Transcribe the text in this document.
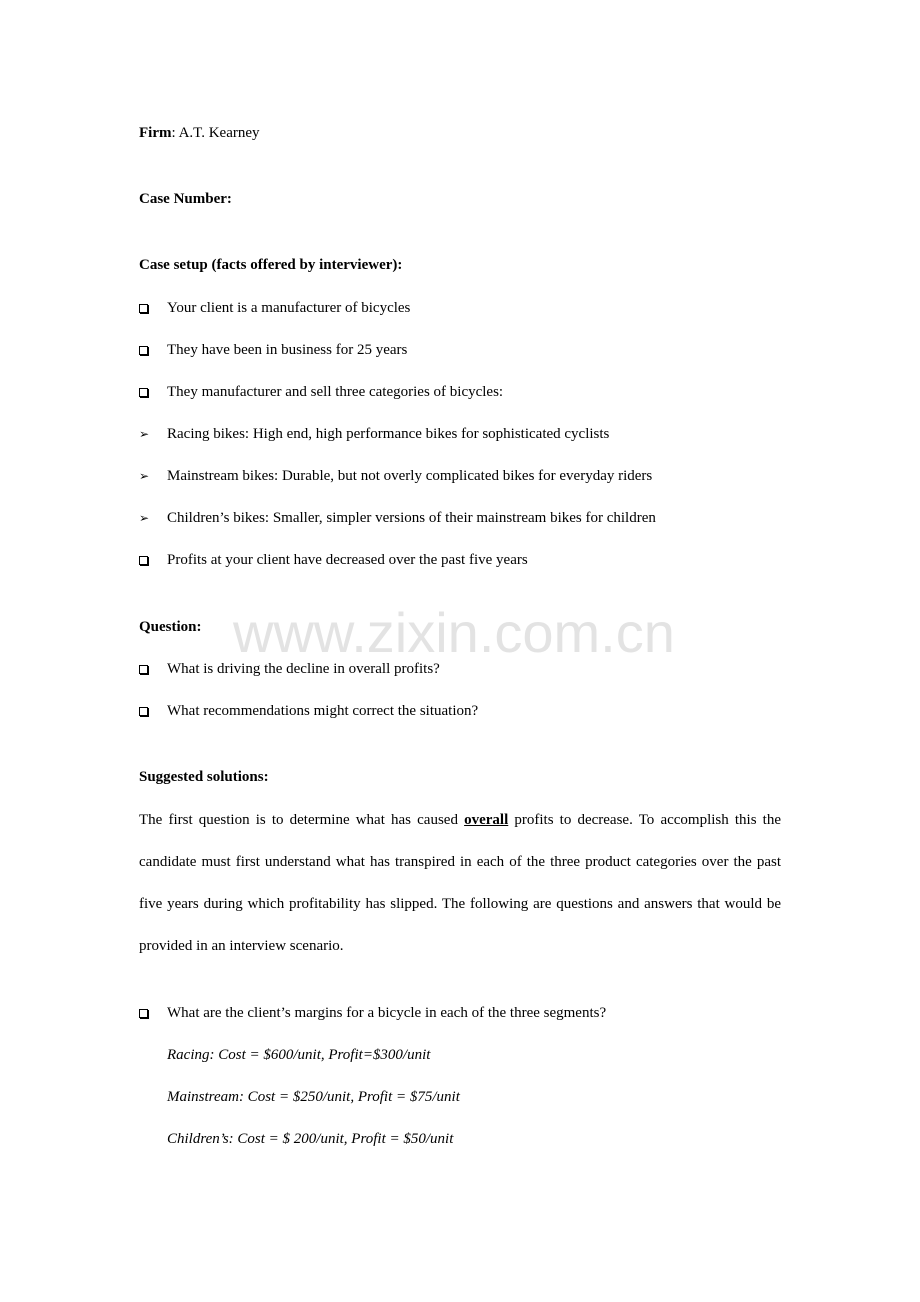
www.zixin.com.cn
Firm: A.T. Kearney
Case Number:
Case setup (facts offered by interviewer):
Your client is a manufacturer of bicycles
They have been in business for 25 years
They manufacturer and sell three categories of bicycles:
➢ Racing bikes: High end, high performance bikes for sophisticated cyclists
➢ Mainstream bikes: Durable, but not overly complicated bikes for everyday riders
➢ Children’s bikes: Smaller, simpler versions of their mainstream bikes for children
Profits at your client have decreased over the past five years
Question:
What is driving the decline in overall profits?
What recommendations might correct the situation?
Suggested solutions:
The first question is to determine what has caused overall profits to decrease. To accomplish this the candidate must first understand what has transpired in each of the three product categories over the past five years during which profitability has slipped. The following are questions and answers that would be provided in an interview scenario.
What are the client’s margins for a bicycle in each of the three segments?
Racing: Cost = $600/unit, Profit=$300/unit
Mainstream: Cost = $250/unit, Profit = $75/unit
Children’s: Cost = $ 200/unit, Profit = $50/unit
